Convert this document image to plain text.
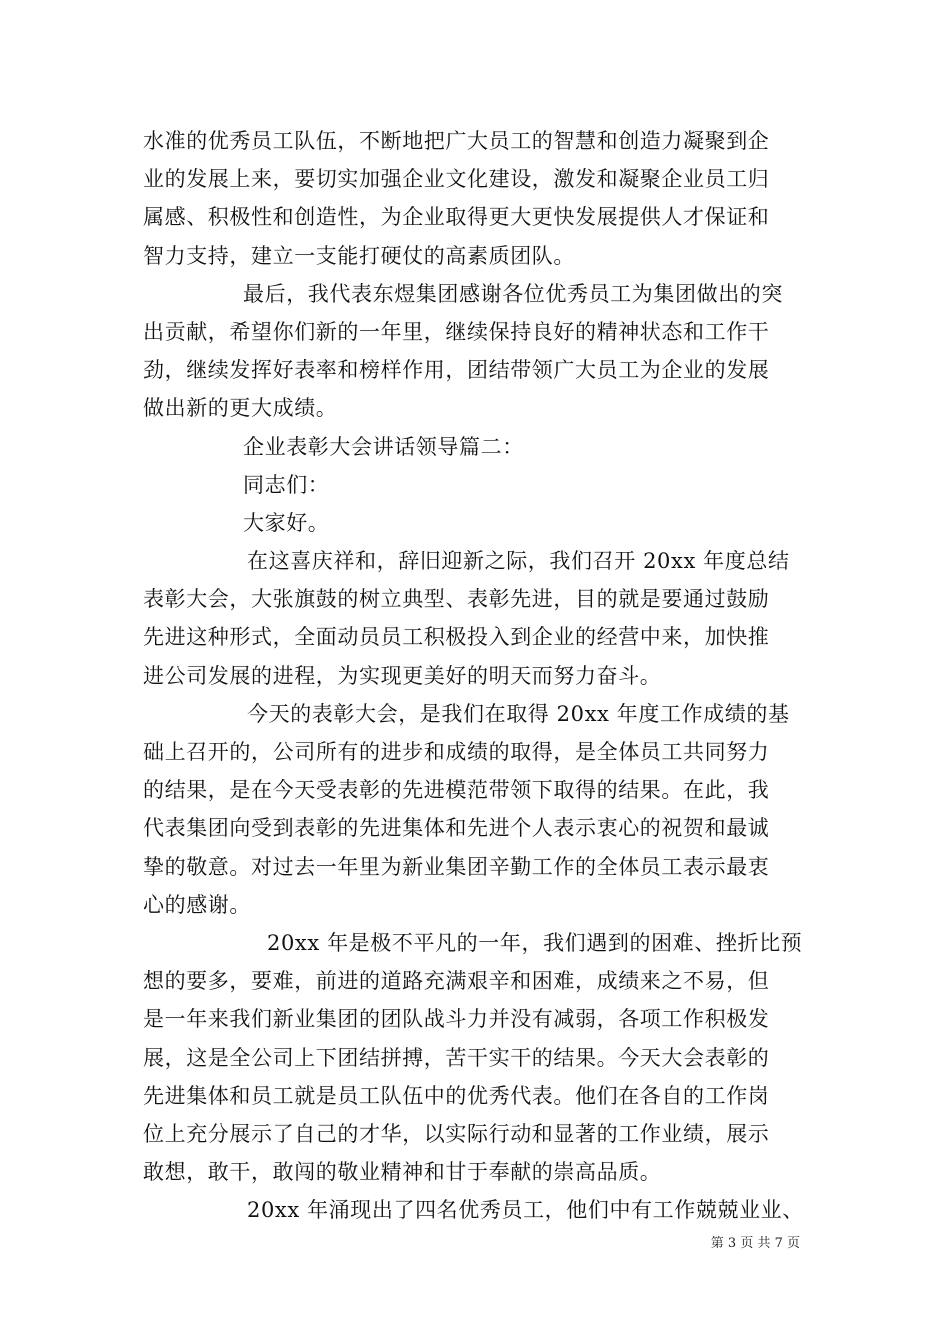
水准的优秀员工队伍，不断地把广大员工的智慧和创造力凝聚到企
业的发展上来，要切实加强企业文化建设，激发和凝聚企业员工归
属感、积极性和创造性，为企业取得更大更快发展提供人才保证和
智力支持，建立一支能打硬仗的高素质团队。
最后，我代表东煜集团感谢各位优秀员工为集团做出的突
出贡献，希望你们新的一年里，继续保持良好的精神状态和工作干
劲，继续发挥好表率和榜样作用，团结带领广大员工为企业的发展
做出新的更大成绩。
企业表彰大会讲话领导篇二：
同志们：
大家好。
在这喜庆祥和，辞旧迎新之际，我们召开 20xx 年度总结
表彰大会，大张旗鼓的树立典型、表彰先进，目的就是要通过鼓励
先进这种形式，全面动员员工积极投入到企业的经营中来，加快推
进公司发展的进程，为实现更美好的明天而努力奋斗。
今天的表彰大会，是我们在取得 20xx 年度工作成绩的基
础上召开的，公司所有的进步和成绩的取得，是全体员工共同努力
的结果，是在今天受表彰的先进模范带领下取得的结果。在此，我
代表集团向受到表彰的先进集体和先进个人表示衷心的祝贺和最诚
挚的敬意。对过去一年里为新业集团辛勤工作的全体员工表示最衷
心的感谢。
20xx 年是极不平凡的一年，我们遇到的困难、挫折比预
想的要多，要难，前进的道路充满艰辛和困难，成绩来之不易，但
是一年来我们新业集团的团队战斗力并没有减弱，各项工作积极发
展，这是全公司上下团结拼搏，苦干实干的结果。今天大会表彰的
先进集体和员工就是员工队伍中的优秀代表。他们在各自的工作岗
位上充分展示了自己的才华，以实际行动和显著的工作业绩，展示
敢想，敢干，敢闯的敬业精神和甘于奉献的崇高品质。
20xx 年涌现出了四名优秀员工，他们中有工作兢兢业业、
第 3 页 共 7 页
